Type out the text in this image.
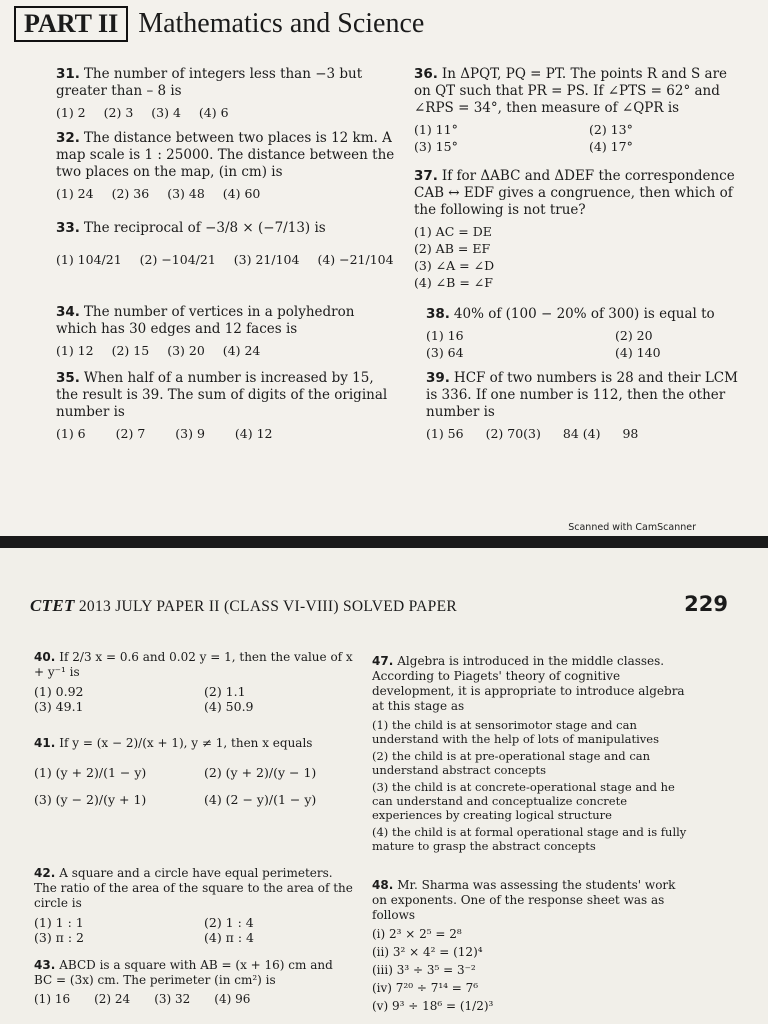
PART II Mathematics and Science
31. The number of integers less than −3 but greater than – 8 is
(1) 2 (2) 3 (3) 4 (4) 6
32. The distance between two places is 12 km. A map scale is 1 : 25000. The distance between the two places on the map, (in cm) is
(1) 24 (2) 36 (3) 48 (4) 60
33. The reciprocal of −3/8 × (−7/13) is
(1) 104/21 (2) −104/21 (3) 21/104 (4) −21/104
34. The number of vertices in a polyhedron which has 30 edges and 12 faces is
(1) 12 (2) 15 (3) 20 (4) 24
35. When half of a number is increased by 15, the result is 39. The sum of digits of the original number is
(1) 6 (2) 7 (3) 9 (4) 12
36. In ΔPQT, PQ = PT. The points R and S are on QT such that PR = PS. If ∠PTS = 62° and ∠RPS = 34°, then measure of ∠QPR is
(1) 11°	(2) 13°
(3) 15°	(4) 17°
37. If for ΔABC and ΔDEF the correspondence CAB ↔ EDF gives a congruence, then which of the following is not true?
(1) AC = DE
(2) AB = EF
(3) ∠A = ∠D
(4) ∠B = ∠F
38. 40% of (100 − 20% of 300) is equal to
(1) 16	(2) 20
(3) 64	(4) 140
39. HCF of two numbers is 28 and their LCM is 336. If one number is 112, then the other number is
(1) 56 (2) 70(3) 84 (4) 98
Scanned with CamScanner
CTET 2013 JULY PAPER II (CLASS VI-VIII) SOLVED PAPER	229
40. If 2/3 x = 0.6 and 0.02 y = 1, then the value of x + y⁻¹ is
(1) 0.92	(2) 1.1
(3) 49.1	(4) 50.9
41. If y = (x − 2)/(x + 1), y ≠ 1, then x equals
(1) (y + 2)/(1 − y)	(2) (y + 2)/(y − 1)
(3) (y − 2)/(y + 1)	(4) (2 − y)/(1 − y)
42. A square and a circle have equal perimeters. The ratio of the area of the square to the area of the circle is
(1) 1 : 1	(2) 1 : 4
(3) π : 2	(4) π : 4
43. ABCD is a square with AB = (x + 16) cm and BC = (3x) cm. The perimeter (in cm²) is
(1) 16 (2) 24 (3) 32 (4) 96
47. Algebra is introduced in the middle classes. According to Piagets' theory of cognitive development, it is appropriate to introduce algebra at this stage as
(1) the child is at sensorimotor stage and can understand with the help of lots of manipulatives
(2) the child is at pre-operational stage and can understand abstract concepts
(3) the child is at concrete-operational stage and he can understand and conceptualize concrete experiences by creating logical structure
(4) the child is at formal operational stage and is fully mature to grasp the abstract concepts
48. Mr. Sharma was assessing the students' work on exponents. One of the response sheet was as follows
(i) 2³ × 2⁵ = 2⁸
(ii) 3² × 4² = (12)⁴
(iii) 3³ ÷ 3⁵ = 3⁻²
(iv) 7²⁰ ÷ 7¹⁴ = 7⁶
(v) 9³ ÷ 18⁶ = (1/2)³
